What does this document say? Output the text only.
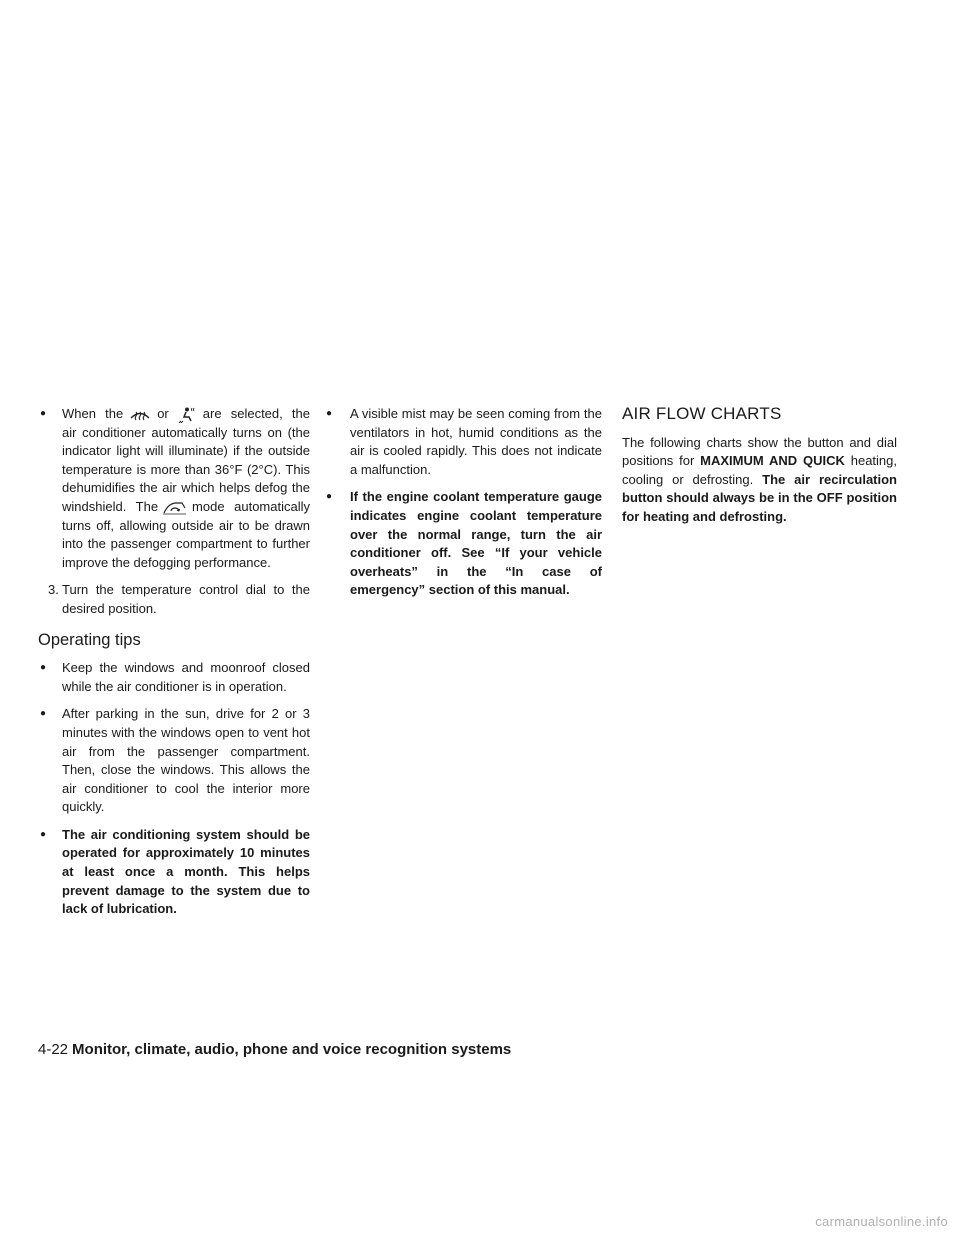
● When the	or	are selected, the air conditioner automatically turns on (the indicator light will illuminate) if the outside temperature is more than 36°F (2°C). This dehumidifies the air which helps defog the windshield. The	mode automatically turns off, allowing outside air to be drawn into the passenger compartment to further improve the defogging performance.
3. Turn the temperature control dial to the desired position.
Operating tips
● Keep the windows and moonroof closed while the air conditioner is in operation.
● After parking in the sun, drive for 2 or 3 minutes with the windows open to vent hot air from the passenger compartment. Then, close the windows. This allows the air conditioner to cool the interior more quickly.
● The air conditioning system should be operated for approximately 10 minutes at least once a month. This helps prevent damage to the system due to lack of lubrication.
● A visible mist may be seen coming from the ventilators in hot, humid conditions as the air is cooled rapidly. This does not indicate a malfunction.
● If the engine coolant temperature gauge indicates engine coolant temperature over the normal range, turn the air conditioner off. See “If your vehicle overheats” in the “In case of emergency” section of this manual.
AIR FLOW CHARTS

The following charts show the button and dial positions for MAXIMUM AND QUICK heating, cooling or defrosting. The air recirculation button should always be in the OFF position for heating and defrosting.

4-22 Monitor, climate, audio, phone and voice recognition systems
carmanualsonline.info
